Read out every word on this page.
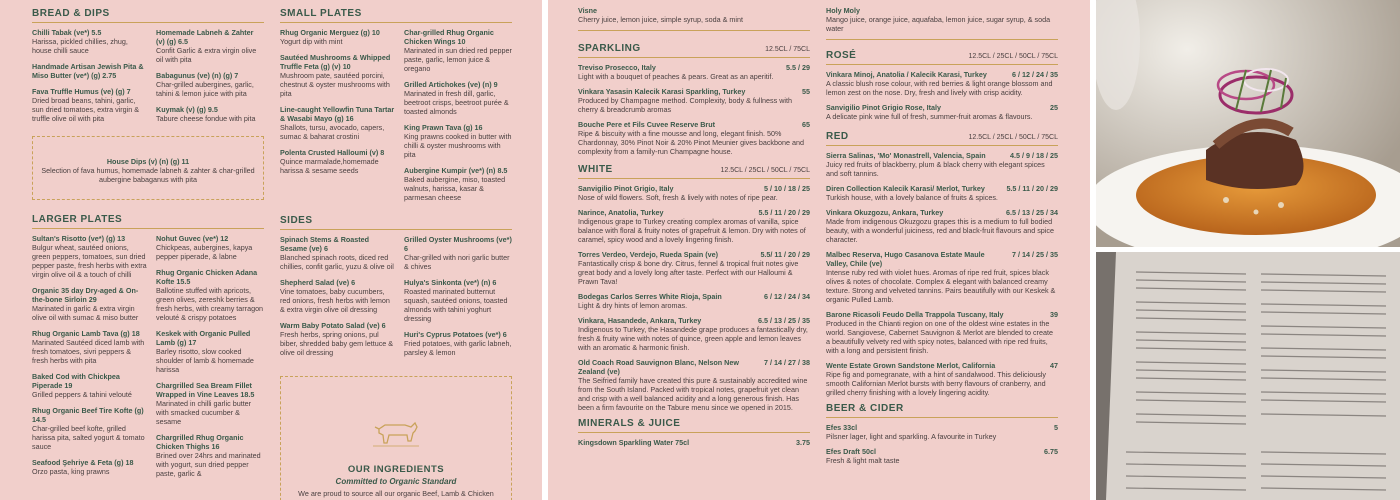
BREAD & DIPS
Chilli Tabak (ve*) 5.5
Harissa, pickled chillies, zhug, house chilli sauce
Handmade Artisan Jewish Pita & Miso Butter (ve*) (g) 2.75
Fava Truffle Humus (ve) (g) 7
Dried broad beans, tahini, garlic, sun dried tomatoes, extra virgin & truffle olive oil with pita
Homemade Labneh & Zahter (v) (g) 6.5
Confit Garlic & extra virgin olive oil with pita
Babagunus (ve) (n) (g) 7
Char-grilled aubergines, garlic, tahini & lemon juice with pita
Kuymak (v) (g) 9.5
Tabure cheese fondue with pita
House Dips (v) (n) (g) 11
Selection of fava humus, homemade labneh & zahter & char-grilled aubergine babaganus with pita
LARGER PLATES
Sultan's Risotto (ve*) (g) 13
Bulgur wheat, sautéed onions, green peppers, tomatoes, sun dried pepper paste, fresh herbs with extra virgin olive oil & a touch of chilli
Organic 35 day Dry-aged & On-the-bone Sirloin 29
Marinated in garlic & extra virgin olive oil with sumac & miso butter
Rhug Organic Lamb Tava (g) 18
Marinated Sautéed diced lamb with fresh tomatoes, sivri peppers & fresh herbs with pita
Baked Cod with Chickpea Piperade 19
Grilled peppers & tahini velouté
Rhug Organic Beef Tire Kofte (g) 14.5
Char-grilled beef kofte, grilled harissa pita, salted yogurt & tomato sauce
Seafood Şehriye & Feta (g) 18
Orzo pasta, king prawns
Nohut Guvec (ve*) 12
Chickpeas, aubergines, kapya pepper piperade, & labne
Rhug Organic Chicken Adana Kofte 15.5
Ballotine stuffed with apricots, green olives, zereshk berries & fresh herbs, with creamy tarragon velouté & crispy potatoes
Keskek with Organic Pulled Lamb (g) 17
Barley risotto, slow cooked shoulder of lamb & homemade harissa
Chargrilled Sea Bream Fillet Wrapped in Vine Leaves 18.5
Marinated in chilli garlic butter with smacked cucumber & sesame
Chargrilled Rhug Organic Chicken Thighs 16
Brined over 24hrs and marinated with yogurt, sun dried pepper paste, garlic &
SMALL PLATES
Rhug Organic Merguez (g) 10
Yogurt dip with mint
Sautéed Mushrooms & Whipped Truffle Feta (g) (v) 10
Mushroom pate, sautéed porcini, chestnut & oyster mushrooms with pita
Line-caught Yellowfin Tuna Tartar & Wasabi Mayo (g) 16
Shallots, tursu, avocado, capers, sumac & baharat crostini
Polenta Crusted Halloumi (v) 8
Quince marmalade,homemade harissa & sesame seeds
Char-grilled Rhug Organic Chicken Wings 10
Marinated in sun dried red pepper paste, garlic, lemon juice & oregano
Grilled Artichokes (ve) (n) 9
Marinated in fresh dill, garlic, beetroot crisps, beetroot purée & toasted almonds
King Prawn Tava (g) 16
King prawns cooked in butter with chilli & oyster mushrooms with pita
Aubergine Kumpir (ve*) (n) 8.5
Baked aubergine, miso, toasted walnuts, harissa, kasar & parmesan cheese
SIDES
Spinach Stems & Roasted Sesame (ve) 6
Blanched spinach roots, diced red chillies, confit garlic, yuzu & olive oil
Shepherd Salad (ve) 6
Vine tomatoes, baby cucumbers, red onions, fresh herbs with lemon & extra virgin olive oil dressing
Warm Baby Potato Salad (ve) 6
Fresh herbs, spring onions, pul biber, shredded baby gem lettuce & olive oil dressing
Grilled Oyster Mushrooms (ve*) 6
Char-grilled with nori garlic butter & chives
Hulya's Sinkonta (ve*) (n) 6
Roasted marinated butternut squash, sautéed onions, toasted almonds with tahini yoghurt dressing
Huri's Cyprus Potatoes (ve*) 6
Fried potatoes, with garlic labneh, parsley & lemon
OUR INGREDIENTS
Committed to Organic Standard
We are proud to source all our organic Beef, Lamb & Chicken
Visne
Cherry juice, lemon juice, simple syrup, soda & mint
SPARKLING	12.5CL / 75CL
Treviso Prosecco, Italy	5.5 / 29
Light with a bouquet of peaches & pears. Great as an aperitif.
Vinkara Yasasin Kalecik Karasi Sparkling, Turkey	55
Produced by Champagne method. Complexity, body & fullness with cherry & breadcrumb aromas
Bouche Pere et Fils Cuvee Reserve Brut	65
Ripe & biscuity with a fine mousse and long, elegant finish. 50% Chardonnay, 30% Pinot Noir & 20% Pinot Meunier gives backbone and complexity from a family-run Champagne house.
WHITE	12.5CL / 25CL / 50CL / 75CL
Sanvigilio Pinot Grigio, Italy	5 / 10 / 18 / 25
Nose of wild flowers. Soft, fresh & lively with notes of ripe pear.
Narince, Anatolia, Turkey	5.5 / 11 / 20 / 29
Indigenous grape to Turkey creating complex aromas of vanilla, spice balance with floral & fruity notes of grapefruit & lemon. Dry with notes of caramel, spicy wood and a lovely lingering finish.
Torres Verdeo, Verdejo, Rueda Spain (ve)	5.5/ 11 / 20 / 29
Fantastically crisp & bone dry. Citrus, fennel & tropical fruit notes give great body and a lovely long after taste. Perfect with our Halloumi & Prawn Tava!
Bodegas Carlos Serres White Rioja, Spain	6 / 12 / 24 / 34
Light & dry hints of lemon aromas.
Vinkara, Hasandede, Ankara, Turkey	6.5 / 13 / 25 / 35
Indigenous to Turkey, the Hasandede grape produces a fantastically dry, fresh & fruity wine with notes of quince, green apple and lemon leaves with an aromatic & harmonic finish.
Old Coach Road Sauvignon Blanc, Nelson New Zealand (ve)
7 / 14 / 27 / 38
The Seifried family have created this pure & sustainably accredited wine from the South Island. Packed with tropical notes, grapefruit yet clean and crisp with a well balanced acidity and a long generous finish. Has been a firm favourite on the Tabure menu since we opened in 2015.
MINERALS & JUICE
Kingsdown Sparkling Water 75cl	3.75
Holy Moly
Mango juice, orange juice, aquafaba, lemon juice, sugar syrup, & soda water
ROSÉ	12.5CL / 25CL / 50CL / 75CL
Vinkara Minoj, Anatolia / Kalecik Karasi, Turkey	6 / 12 / 24 / 35
A classic blush rose colour, with red berries & light orange blossom and lemon zest on the nose. Dry, fresh and lively with crisp acidity.
Sanvigilio Pinot Grigio Rose, Italy	25
A delicate pink wine full of fresh, summer-fruit aromas & flavours.
RED	12.5CL / 25CL / 50CL / 75CL
Sierra Salinas, 'Mo' Monastrell, Valencia, Spain	4.5 / 9 / 18 / 25
Juicy red fruits of blackberry, plum & black cherry with elegant spices and soft tannins.
Diren Collection Kalecik Karasi/ Merlot, Turkey	5.5 / 11 / 20 / 29
Turkish house, with a lovely balance of fruits & spices.
Vinkara Okuzgozu, Ankara, Turkey	6.5 / 13 / 25 / 34
Made from indigenous Okuzgozu grapes this is a medium to full bodied beauty, with a wonderful juiciness, red and black-fruit flavours and spice character.
Malbec Reserva, Hugo Casanova Estate Maule Valley, Chile (ve)
7 / 14 / 25 / 35
Intense ruby red with violet hues. Aromas of ripe red fruit, spices black olives & notes of chocolate. Complex & elegant with balanced creamy texture. Strong and velveted tannins. Pairs beautifully with our Keskek & organic Pulled Lamb.
Barone Ricasoli Feudo Della Trappola Tuscany, Italy	39
Produced in the Chianti region on one of the oldest wine estates in the world. Sangiovese, Cabernet Sauvignon & Merlot are blended to create a beautifully velvety red with spicy notes, balanced with ripe red fruits, with a long and persistent finish.
Wente Estate Grown Sandstone Merlot, California	47
Ripe fig and pomegranate, with a hint of sandalwood. This deliciously smooth Californian Merlot bursts with berry flavours of cranberry, and grilled cherry finishing with a lovely lingering acidity.
BEER & CIDER
Efes 33cl	5
Pilsner lager, light and sparkling. A favourite in Turkey
Efes Draft 50cl	6.75
Fresh & light malt taste
